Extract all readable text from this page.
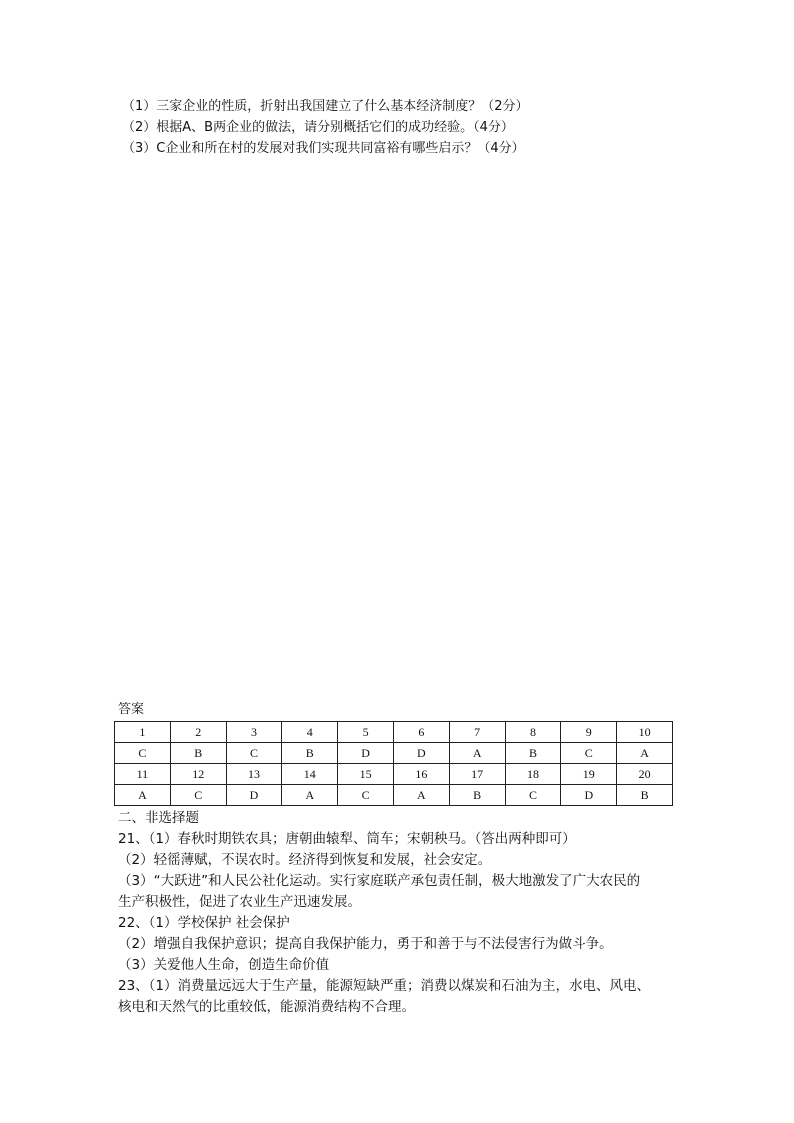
（1）三家企业的性质，折射出我国建立了什么基本经济制度？（2分）
（2）根据A、B两企业的做法，请分别概括它们的成功经验。（4分）
（3）C企业和所在村的发展对我们实现共同富裕有哪些启示？（4分）
答案
1	2	3	4	5	6	7	8	9	10
C	B	C	B	D	D	A	B	C	A
11	12	13	14	15	16	17	18	19	20
A	C	D	A	C	A	B	C	D	B
二、非选择题
21、（1）春秋时期铁农具；唐朝曲辕犁、筒车；宋朝秧马。（答出两种即可）
（2）轻徭薄赋，不误农时。经济得到恢复和发展，社会安定。
（3）“大跃进”和人民公社化运动。实行家庭联产承包责任制，极大地激发了广大农民的
生产积极性，促进了农业生产迅速发展。
22、（1）学校保护 社会保护
（2）增强自我保护意识；提高自我保护能力，勇于和善于与不法侵害行为做斗争。
（3）关爱他人生命，创造生命价值
23、（1）消费量远远大于生产量，能源短缺严重；消费以煤炭和石油为主，水电、风电、
核电和天然气的比重较低，能源消费结构不合理。
